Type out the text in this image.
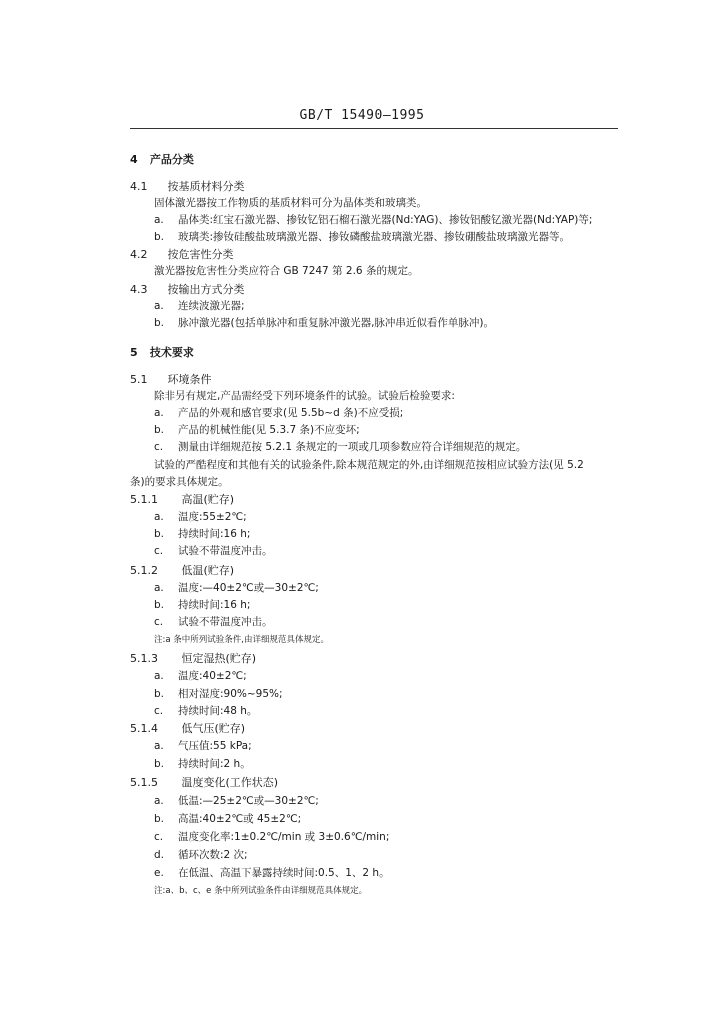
GB/T 15490—1995
4 产品分类
4.1 按基质材料分类
固体激光器按工作物质的基质材料可分为晶体类和玻璃类。
a. 晶体类:红宝石激光器、掺钕钇铝石榴石激光器(Nd:YAG)、掺钕铝酸钇激光器(Nd:YAP)等;
b. 玻璃类:掺钕硅酸盐玻璃激光器、掺钕磷酸盐玻璃激光器、掺钕硼酸盐玻璃激光器等。
4.2 按危害性分类
激光器按危害性分类应符合 GB 7247 第 2.6 条的规定。
4.3 按输出方式分类
a. 连续波激光器;
b. 脉冲激光器(包括单脉冲和重复脉冲激光器,脉冲串近似看作单脉冲)。
5 技术要求
5.1 环境条件
除非另有规定,产品需经受下列环境条件的试验。试验后检验要求:
a. 产品的外观和感官要求(见 5.5b~d 条)不应受损;
b. 产品的机械性能(见 5.3.7 条)不应变坏;
c. 测量由详细规范按 5.2.1 条规定的一项或几项参数应符合详细规范的规定。
试验的严酷程度和其他有关的试验条件,除本规范规定的外,由详细规范按相应试验方法(见 5.2
条)的要求具体规定。
5.1.1 高温(贮存)
a. 温度:55±2℃;
b. 持续时间:16 h;
c. 试验不带温度冲击。
5.1.2 低温(贮存)
a. 温度:—40±2℃或—30±2℃;
b. 持续时间:16 h;
c. 试验不带温度冲击。
注:a 条中所列试验条件,由详细规范具体规定。
5.1.3 恒定湿热(贮存)
a. 温度:40±2℃;
b. 相对湿度:90%~95%;
c. 持续时间:48 h。
5.1.4 低气压(贮存)
a. 气压值:55 kPa;
b. 持续时间:2 h。
5.1.5 温度变化(工作状态)
a. 低温:—25±2℃或—30±2℃;
b. 高温:40±2℃或 45±2℃;
c. 温度变化率:1±0.2℃/min 或 3±0.6℃/min;
d. 循环次数:2 次;
e. 在低温、高温下暴露持续时间:0.5、1、2 h。
注:a、b、c、e 条中所列试验条件由详细规范具体规定。
